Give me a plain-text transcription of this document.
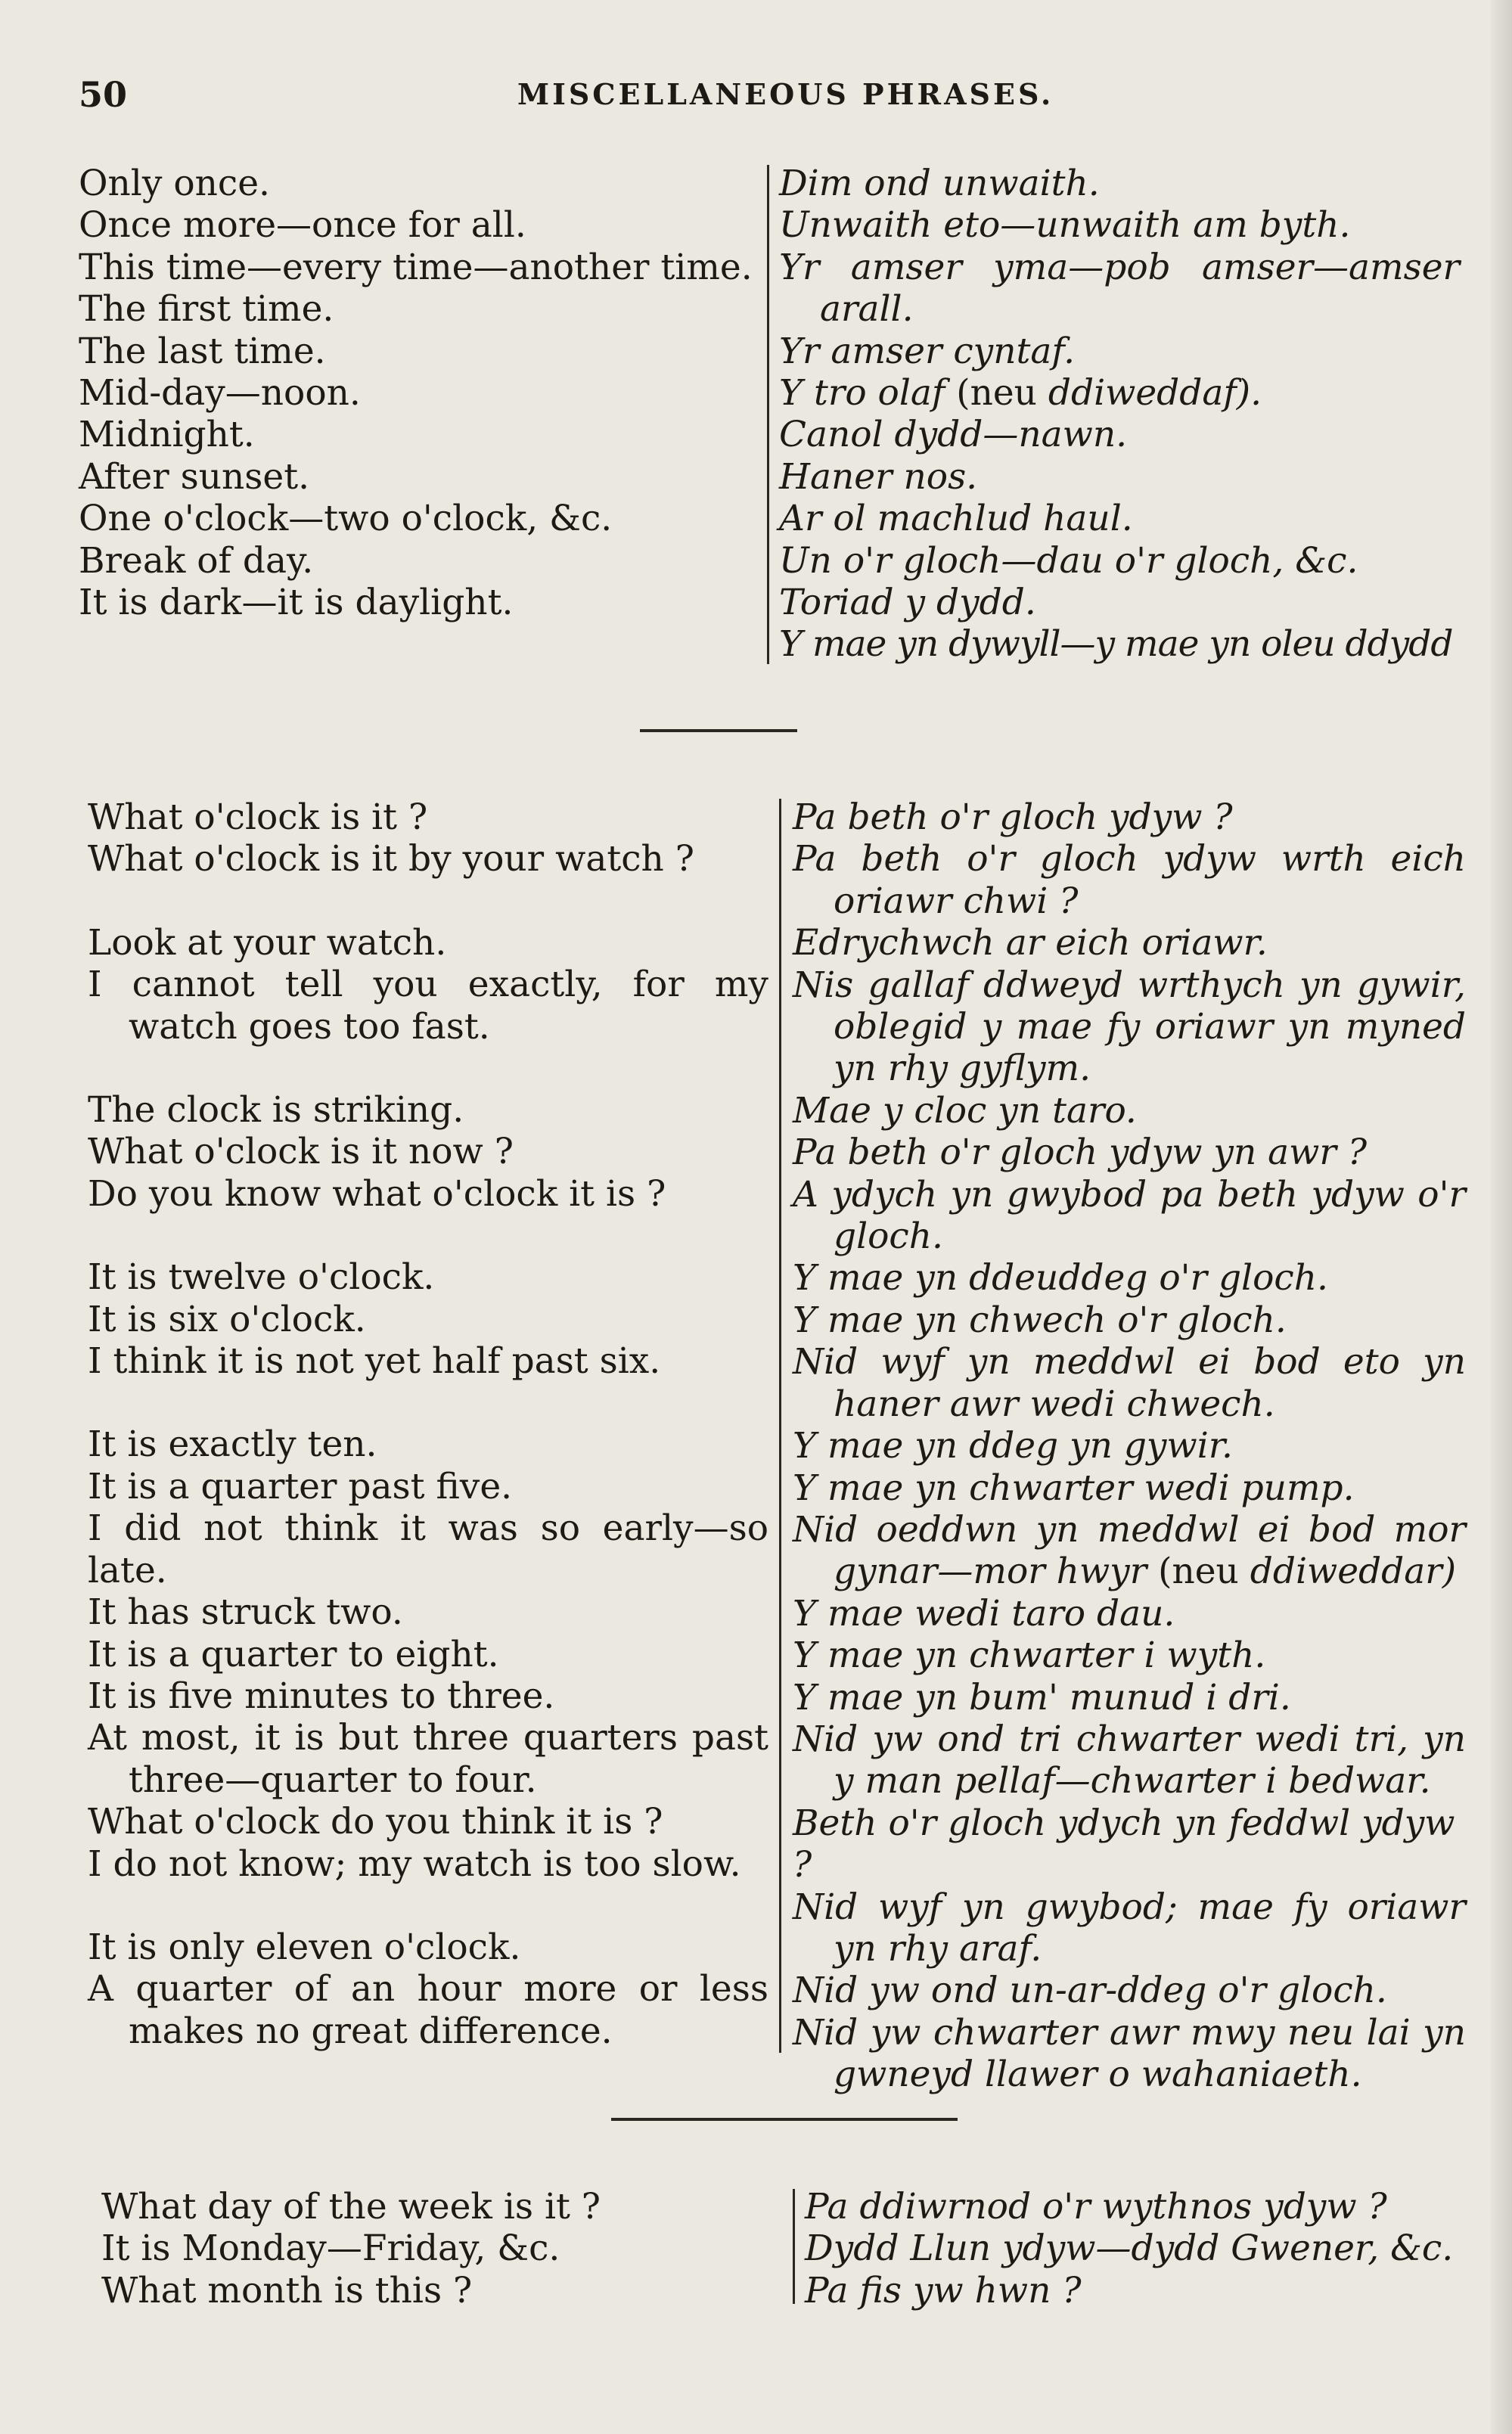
50	MISCELLANEOUS PHRASES.

Only once.

Once more—once for all.

This time—every time—another time.

The first time.

The last time.

Mid-day—noon.

Midnight.

After sunset.

One o'clock—two o'clock, &c.

Break of day.

It is dark—it is daylight.

Dim ond unwaith.

Unwaith eto—unwaith am byth.

Yr amser yma—pob amser—amser arall.

Yr amser cyntaf.

Y tro olaf (neu ddiweddaf).

Canol dydd—nawn.

Haner nos.

Ar ol machlud haul.

Un o'r gloch—dau o'r gloch, &c.

Toriad y dydd.

Y mae yn dywyll—y mae yn oleu ddydd

What o'clock is it ?

What o'clock is it by your watch ?

Look at your watch.

I cannot tell you exactly, for my watch goes too fast.

The clock is striking.

What o'clock is it now ?

Do you know what o'clock it is ?

It is twelve o'clock.

It is six o'clock.

I think it is not yet half past six.

It is exactly ten.

It is a quarter past five.

I did not think it was so early—so late.

It has struck two.

It is a quarter to eight.

It is five minutes to three.

At most, it is but three quarters past three—quarter to four.

What o'clock do you think it is ?

I do not know; my watch is too slow.

It is only eleven o'clock.

A quarter of an hour more or less makes no great difference.

Pa beth o'r gloch ydyw ?

Pa beth o'r gloch ydyw wrth eich oriawr chwi ?

Edrychwch ar eich oriawr.

Nis gallaf ddweyd wrthych yn gywir, oblegid y mae fy oriawr yn myned yn rhy gyflym.

Mae y cloc yn taro.

Pa beth o'r gloch ydyw yn awr ?

A ydych yn gwybod pa beth ydyw o'r gloch.

Y mae yn ddeuddeg o'r gloch.

Y mae yn chwech o'r gloch.

Nid wyf yn meddwl ei bod eto yn haner awr wedi chwech.

Y mae yn ddeg yn gywir.

Y mae yn chwarter wedi pump.

Nid oeddwn yn meddwl ei bod mor gynar—mor hwyr (neu ddiweddar)

Y mae wedi taro dau.

Y mae yn chwarter i wyth.

Y mae yn bum' munud i dri.

Nid yw ond tri chwarter wedi tri, yn y man pellaf—chwarter i bedwar.

Beth o'r gloch ydych yn feddwl ydyw ?

Nid wyf yn gwybod; mae fy oriawr yn rhy araf.

Nid yw ond un-ar-ddeg o'r gloch.

Nid yw chwarter awr mwy neu lai yn gwneyd llawer o wahaniaeth.

What day of the week is it ?

It is Monday—Friday, &c.

What month is this ?

Pa ddiwrnod o'r wythnos ydyw ?

Dydd Llun ydyw—dydd Gwener, &c.

Pa fis yw hwn ?
